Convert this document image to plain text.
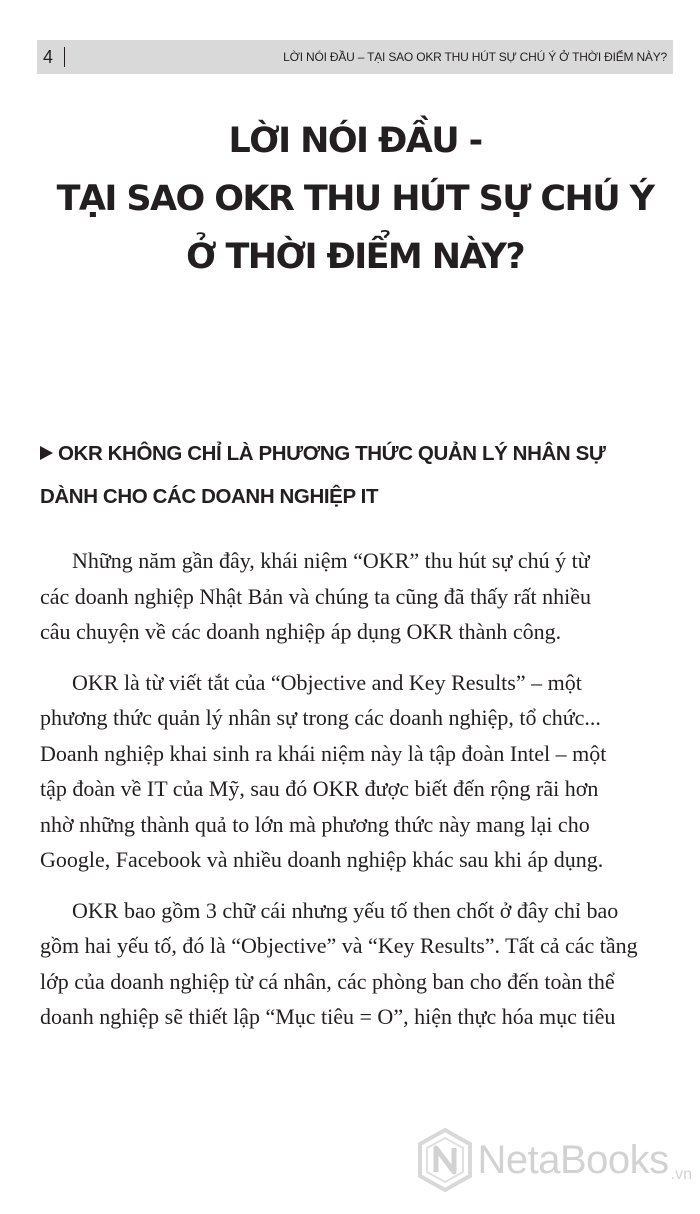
4	LỜI NÓI ĐẦU – TẠI SAO OKR THU HÚT SỰ CHÚ Ý Ở THỜI ĐIỂM NÀY?
LỜI NÓI ĐẦU -
TẠI SAO OKR THU HÚT SỰ CHÚ Ý
Ở THỜI ĐIỂM NÀY?
OKR KHÔNG CHỈ LÀ PHƯƠNG THỨC QUẢN LÝ NHÂN SỰ
DÀNH CHO CÁC DOANH NGHIỆP IT

Những năm gần đây, khái niệm “OKR” thu hút sự chú ý từ
các doanh nghiệp Nhật Bản và chúng ta cũng đã thấy rất nhiều
câu chuyện về các doanh nghiệp áp dụng OKR thành công.

OKR là từ viết tắt của “Objective and Key Results” – một
phương thức quản lý nhân sự trong các doanh nghiệp, tổ chức...
Doanh nghiệp khai sinh ra khái niệm này là tập đoàn Intel – một
tập đoàn về IT của Mỹ, sau đó OKR được biết đến rộng rãi hơn
nhờ những thành quả to lớn mà phương thức này mang lại cho
Google, Facebook và nhiều doanh nghiệp khác sau khi áp dụng.

OKR bao gồm 3 chữ cái nhưng yếu tố then chốt ở đây chỉ bao
gồm hai yếu tố, đó là “Objective” và “Key Results”. Tất cả các tầng
lớp của doanh nghiệp từ cá nhân, các phòng ban cho đến toàn thể
doanh nghiệp sẽ thiết lập “Mục tiêu = O”, hiện thực hóa mục tiêu

NetaBooks .vn
